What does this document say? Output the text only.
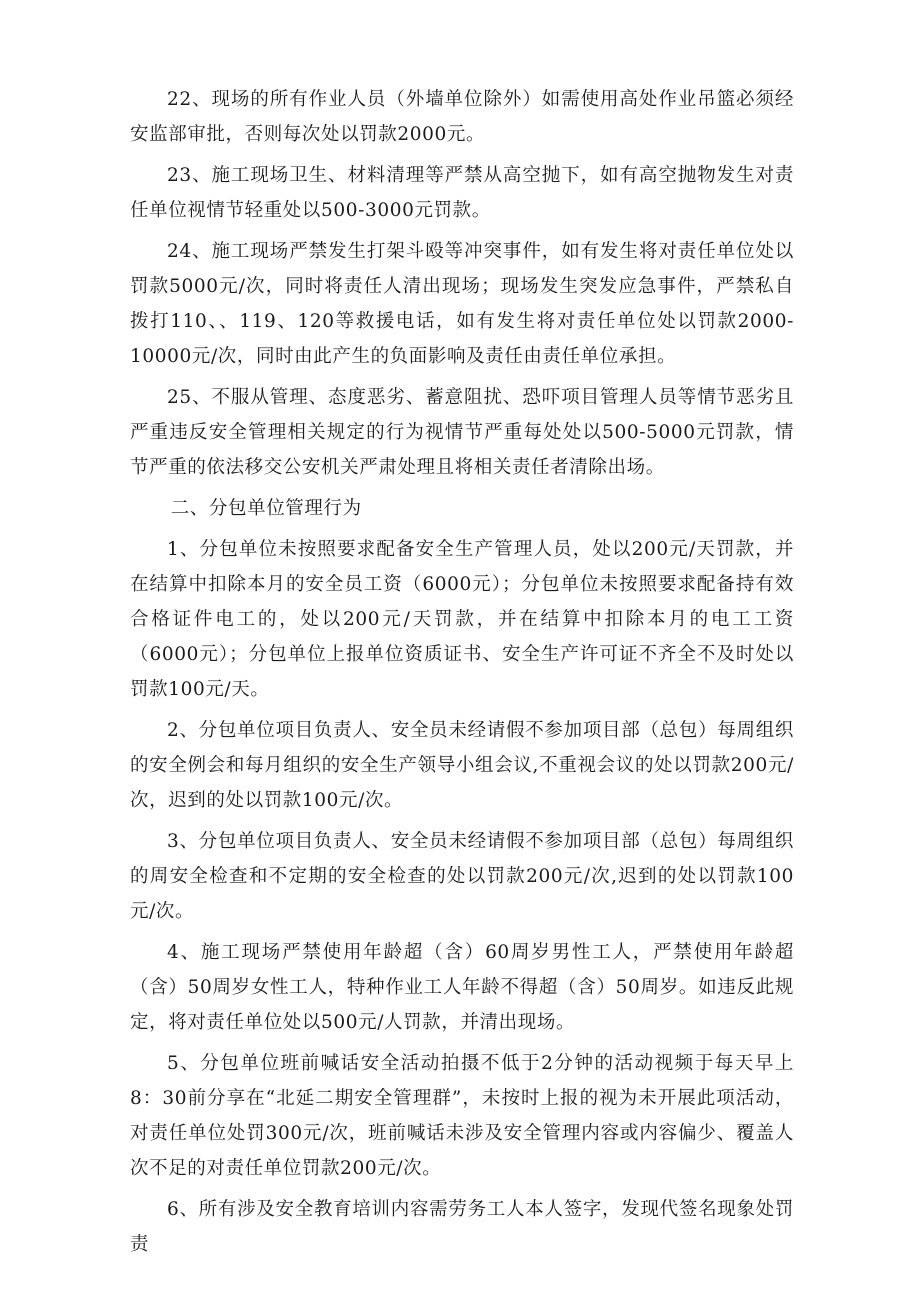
22、现场的所有作业人员（外墙单位除外）如需使用高处作业吊篮必须经安监部审批，否则每次处以罚款2000元。

23、施工现场卫生、材料清理等严禁从高空抛下，如有高空抛物发生对责任单位视情节轻重处以500-3000元罚款。

24、施工现场严禁发生打架斗殴等冲突事件，如有发生将对责任单位处以罚款5000元/次，同时将责任人清出现场；现场发生突发应急事件，严禁私自拨打110、、119、120等救援电话，如有发生将对责任单位处以罚款2000-10000元/次，同时由此产生的负面影响及责任由责任单位承担。

25、不服从管理、态度恶劣、蓄意阻扰、恐吓项目管理人员等情节恶劣且严重违反安全管理相关规定的行为视情节严重每处处以500-5000元罚款，情节严重的依法移交公安机关严肃处理且将相关责任者清除出场。

二、分包单位管理行为

1、分包单位未按照要求配备安全生产管理人员，处以200元/天罚款，并在结算中扣除本月的安全员工资（6000元）；分包单位未按照要求配备持有效合格证件电工的，处以200元/天罚款，并在结算中扣除本月的电工工资（6000元）；分包单位上报单位资质证书、安全生产许可证不齐全不及时处以罚款100元/天。

2、分包单位项目负责人、安全员未经请假不参加项目部（总包）每周组织的安全例会和每月组织的安全生产领导小组会议,不重视会议的处以罚款200元/次，迟到的处以罚款100元/次。

3、分包单位项目负责人、安全员未经请假不参加项目部（总包）每周组织的周安全检查和不定期的安全检查的处以罚款200元/次,迟到的处以罚款100元/次。

4、施工现场严禁使用年龄超（含）60周岁男性工人，严禁使用年龄超（含）50周岁女性工人，特种作业工人年龄不得超（含）50周岁。如违反此规定，将对责任单位处以500元/人罚款，并清出现场。

5、分包单位班前喊话安全活动拍摄不低于2分钟的活动视频于每天早上8：30前分享在“北延二期安全管理群”，未按时上报的视为未开展此项活动，对责任单位处罚300元/次，班前喊话未涉及安全管理内容或内容偏少、覆盖人次不足的对责任单位罚款200元/次。

6、所有涉及安全教育培训内容需劳务工人本人签字，发现代签名现象处罚责
